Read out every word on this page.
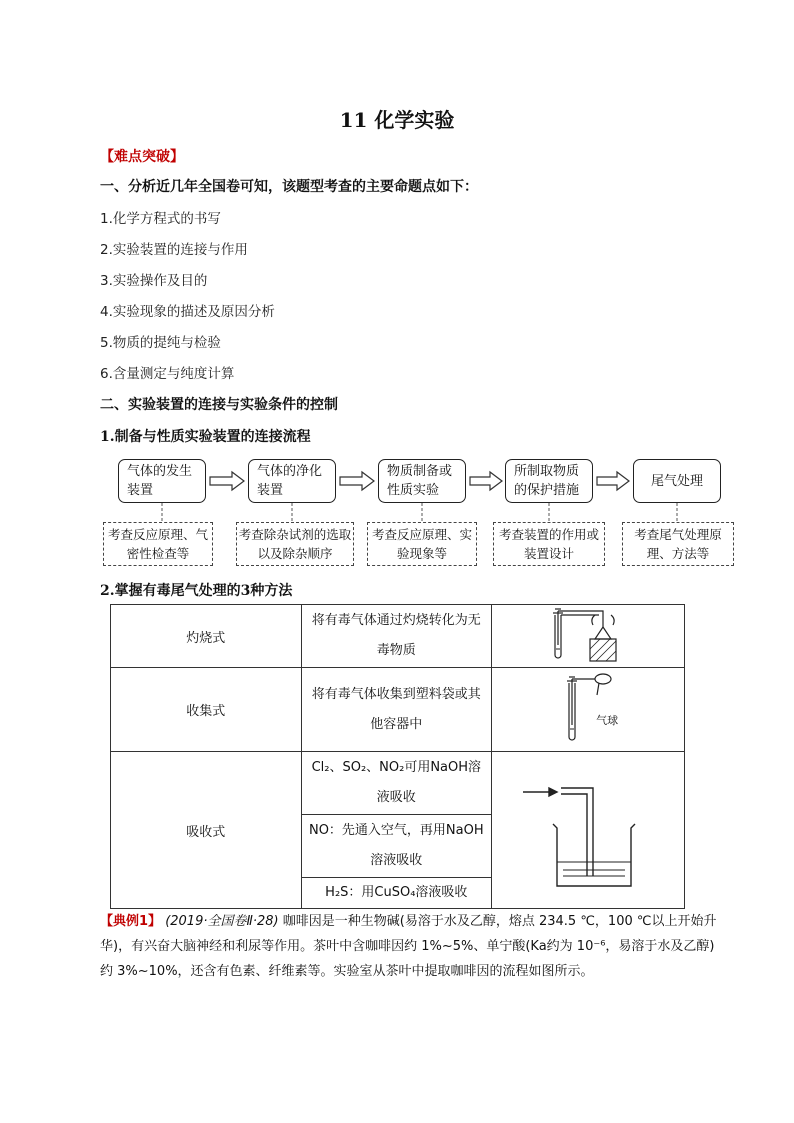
11 化学实验
【难点突破】
一、分析近几年全国卷可知，该题型考查的主要命题点如下：
1.化学方程式的书写
2.实验装置的连接与作用
3.实验操作及目的
4.实验现象的描述及原因分析
5.物质的提纯与检验
6.含量测定与纯度计算
二、实验装置的连接与实验条件的控制
1.制备与性质实验装置的连接流程
气体的发生装置
气体的净化装置
物质制备或性质实验
所制取物质的保护措施
尾气处理
考查反应原理、气密性检查等
考查除杂试剂的选取以及除杂顺序
考查反应原理、实验现象等
考查装置的作用或装置设计
考查尾气处理原理、方法等
2.掌握有毒尾气处理的3种方法
灼烧式	将有毒气体通过灼烧转化为无毒物质

收集式	将有毒气体收集到塑料袋或其他容器中	气球

吸收式	Cl₂、SO₂、NO₂可用NaOH溶液吸收

	NO：先通入空气，再用NaOH溶液吸收	

	H₂S：用CuSO₄溶液吸收	
【典例1】 (2019·全国卷Ⅱ·28) 咖啡因是一种生物碱(易溶于水及乙醇，熔点 234.5 ℃，100 ℃以上开始升华)，有兴奋大脑神经和利尿等作用。茶叶中含咖啡因约 1%~5%、单宁酸(Ka约为 10⁻⁶，易溶于水及乙醇)约 3%~10%，还含有色素、纤维素等。实验室从茶叶中提取咖啡因的流程如图所示。
